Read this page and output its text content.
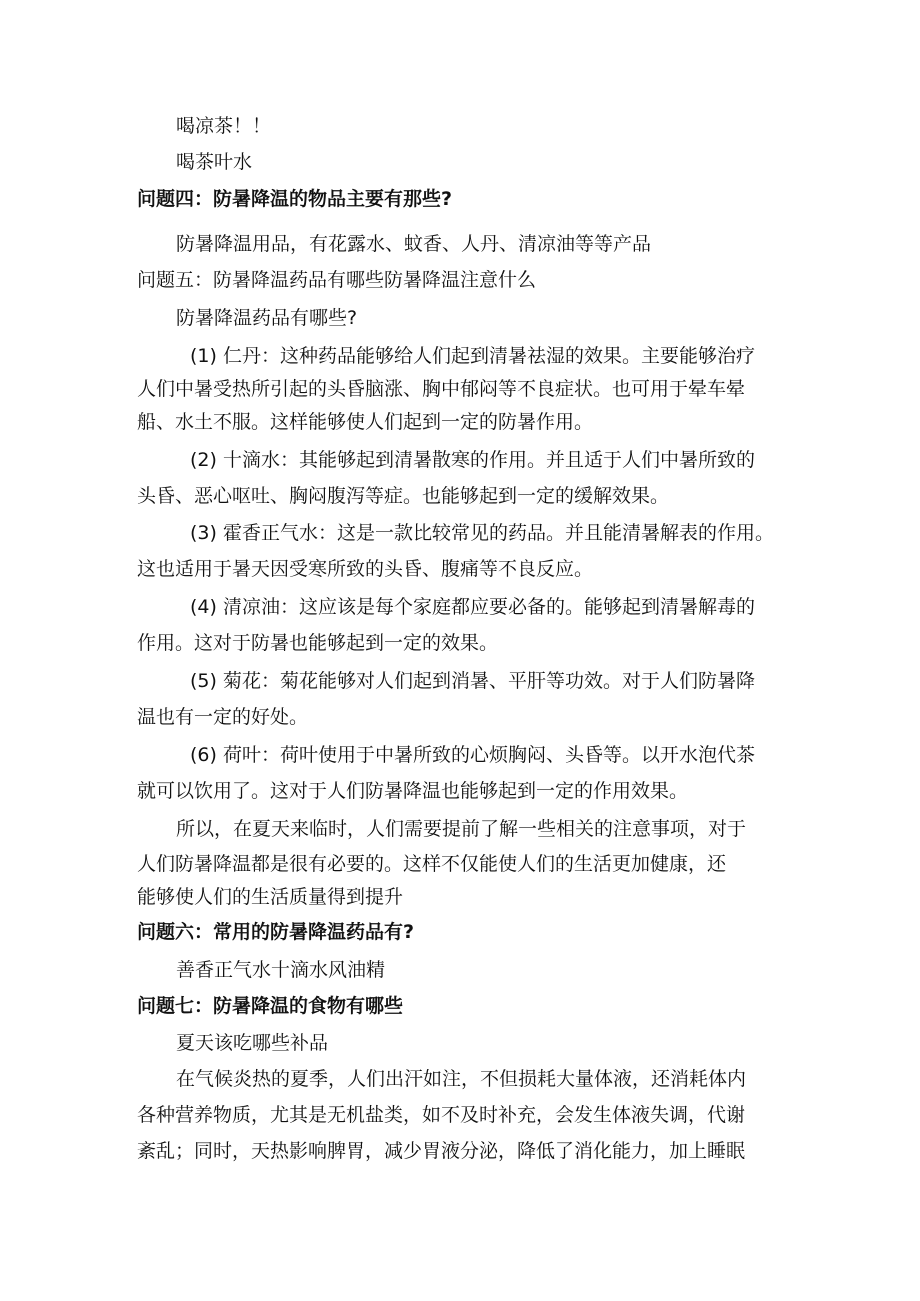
喝凉茶！！

喝茶叶水

问题四：防暑降温的物品主要有那些?

防暑降温用品，有花露水、蚊香、人丹、清凉油等等产品

问题五：防暑降温药品有哪些防暑降温注意什么

防暑降温药品有哪些?

(1) 仁丹：这种药品能够给人们起到清暑祛湿的效果。主要能够治疗

人们中暑受热所引起的头昏脑涨、胸中郁闷等不良症状。也可用于晕车晕

船、水土不服。这样能够使人们起到一定的防暑作用。

(2) 十滴水：其能够起到清暑散寒的作用。并且适于人们中暑所致的

头昏、恶心呕吐、胸闷腹泻等症。也能够起到一定的缓解效果。

(3) 霍香正气水：这是一款比较常见的药品。并且能清暑解表的作用。

这也适用于暑天因受寒所致的头昏、腹痛等不良反应。

(4) 清凉油：这应该是每个家庭都应要必备的。能够起到清暑解毒的

作用。这对于防暑也能够起到一定的效果。

(5) 菊花：菊花能够对人们起到消暑、平肝等功效。对于人们防暑降

温也有一定的好处。

(6) 荷叶：荷叶使用于中暑所致的心烦胸闷、头昏等。以开水泡代茶

就可以饮用了。这对于人们防暑降温也能够起到一定的作用效果。

所以，在夏天来临时，人们需要提前了解一些相关的注意事项，对于

人们防暑降温都是很有必要的。这样不仅能使人们的生活更加健康，还

能够使人们的生活质量得到提升

问题六：常用的防暑降温药品有?

善香正气水十滴水风油精

问题七：防暑降温的食物有哪些

夏天该吃哪些补品

在气候炎热的夏季，人们出汗如注，不但损耗大量体液，还消耗体内

各种营养物质，尤其是无机盐类，如不及时补充，会发生体液失调，代谢

紊乱；同时，天热影响脾胃，减少胃液分泌，降低了消化能力，加上睡眠
